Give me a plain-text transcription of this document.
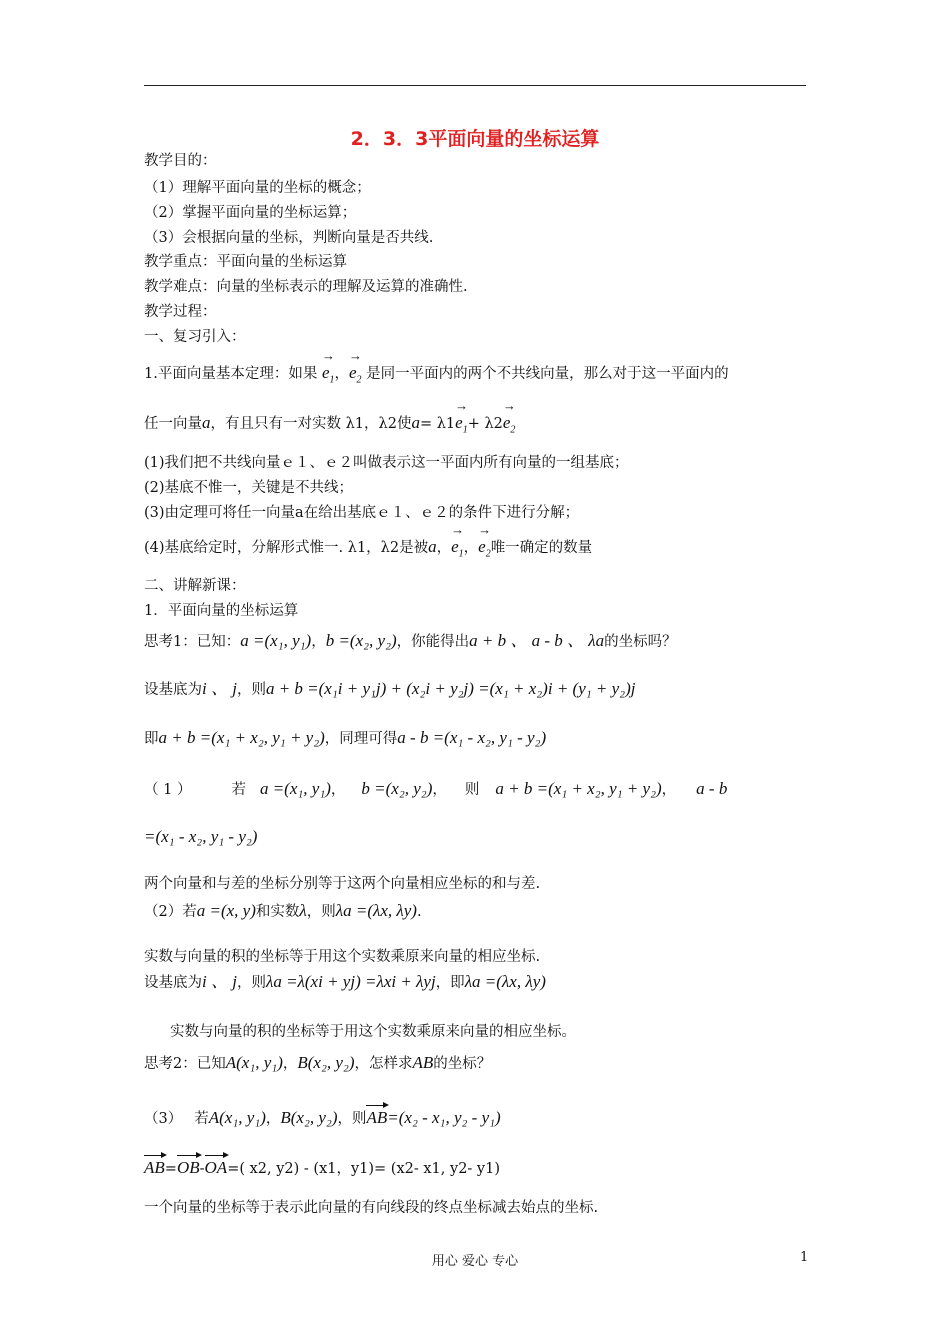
2．3．3平面向量的坐标运算
教学目的：
（1）理解平面向量的坐标的概念；
（2）掌握平面向量的坐标运算；
（3）会根据向量的坐标，判断向量是否共线.
教学重点：平面向量的坐标运算
教学难点：向量的坐标表示的理解及运算的准确性.
教学过程：
一、复习引入：
1.平面向量基本定理：如果 → $e_1$，→ $e_2$ 是同一平面内的两个不共线向量，那么对于这一平面内的
任一向量a，有且只有一对实数 λ1，λ2使$a= \lambda 1\to e_1+ \lambda 2\to e_2$
(1)我们把不共线向量ｅ１、ｅ２叫做表示这一平面内所有向量的一组基底；
(2)基底不惟一，关键是不共线；
(3)由定理可将任一向量a在给出基底ｅ１、ｅ２的条件下进行分解；
(4)基底给定时，分解形式惟一. λ1，λ2是被a，→ $e_1$，→ $e_2$唯一确定的数量
二、讲解新课：
1．平面向量的坐标运算
思考1：已知：a =(x₁, y₁)，b =(x₂, y₂)，你能得出a + b 、 a - b 、 λa的坐标吗？
设基底为i 、 j，则a + b =(x₁i + y₁j) + (x₂i + y₂j) =(x₁ + x₂)i + (y₁ + y₂)j
即a + b =(x₁ + x₂, y₁ + y₂)，同理可得a - b =(x₁ - x₂, y₁ - y₂)
（ 1 ）	若 a =(x₁, y₁)， b =(x₂, y₂)， 则 a + b =(x₁ + x₂, y₁ + y₂)， a - b
=(x₁ - x₂, y₁ - y₂)
两个向量和与差的坐标分别等于这两个向量相应坐标的和与差.
（2）若a =(x, y)和实数λ，则λa =(λx, λy).
实数与向量的积的坐标等于用这个实数乘原来向量的相应坐标.
设基底为i 、 j，则λa =λ(xi + yj) =λxi + λyj，即λa =(λx, λy)
实数与向量的积的坐标等于用这个实数乘原来向量的相应坐标。
思考2：已知A(x₁, y₁)，B(x₂, y₂)，怎样求AB的坐标？
（3） 若A(x₁, y₁)，B(x₂, y₂)，则AB=(x₂ - x₁, y₂ - y₁)
AB=OB-OA=( x2, y2) - (x1，y1)= (x2- x1, y2- y1)
一个向量的坐标等于表示此向量的有向线段的终点坐标减去始点的坐标.
用心 爱心 专心	1
